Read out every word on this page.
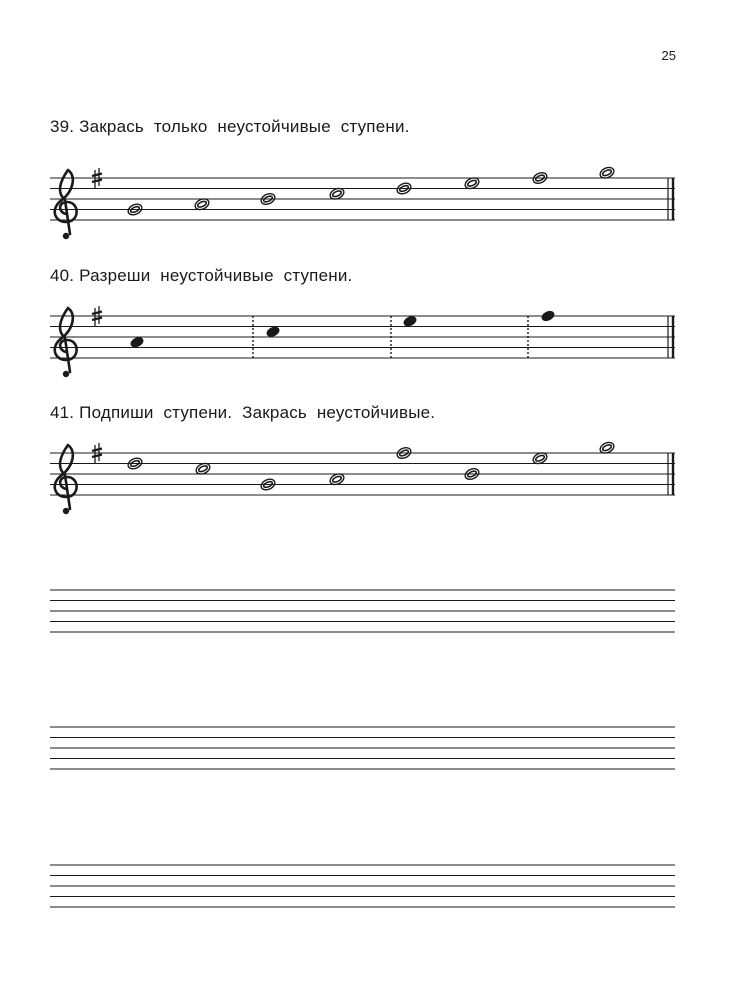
25
39. Закрась  только  неустойчивые  ступени.
40. Разреши  неустойчивые  ступени.
41. Подпиши  ступени.  Закрась  неустойчивые.
